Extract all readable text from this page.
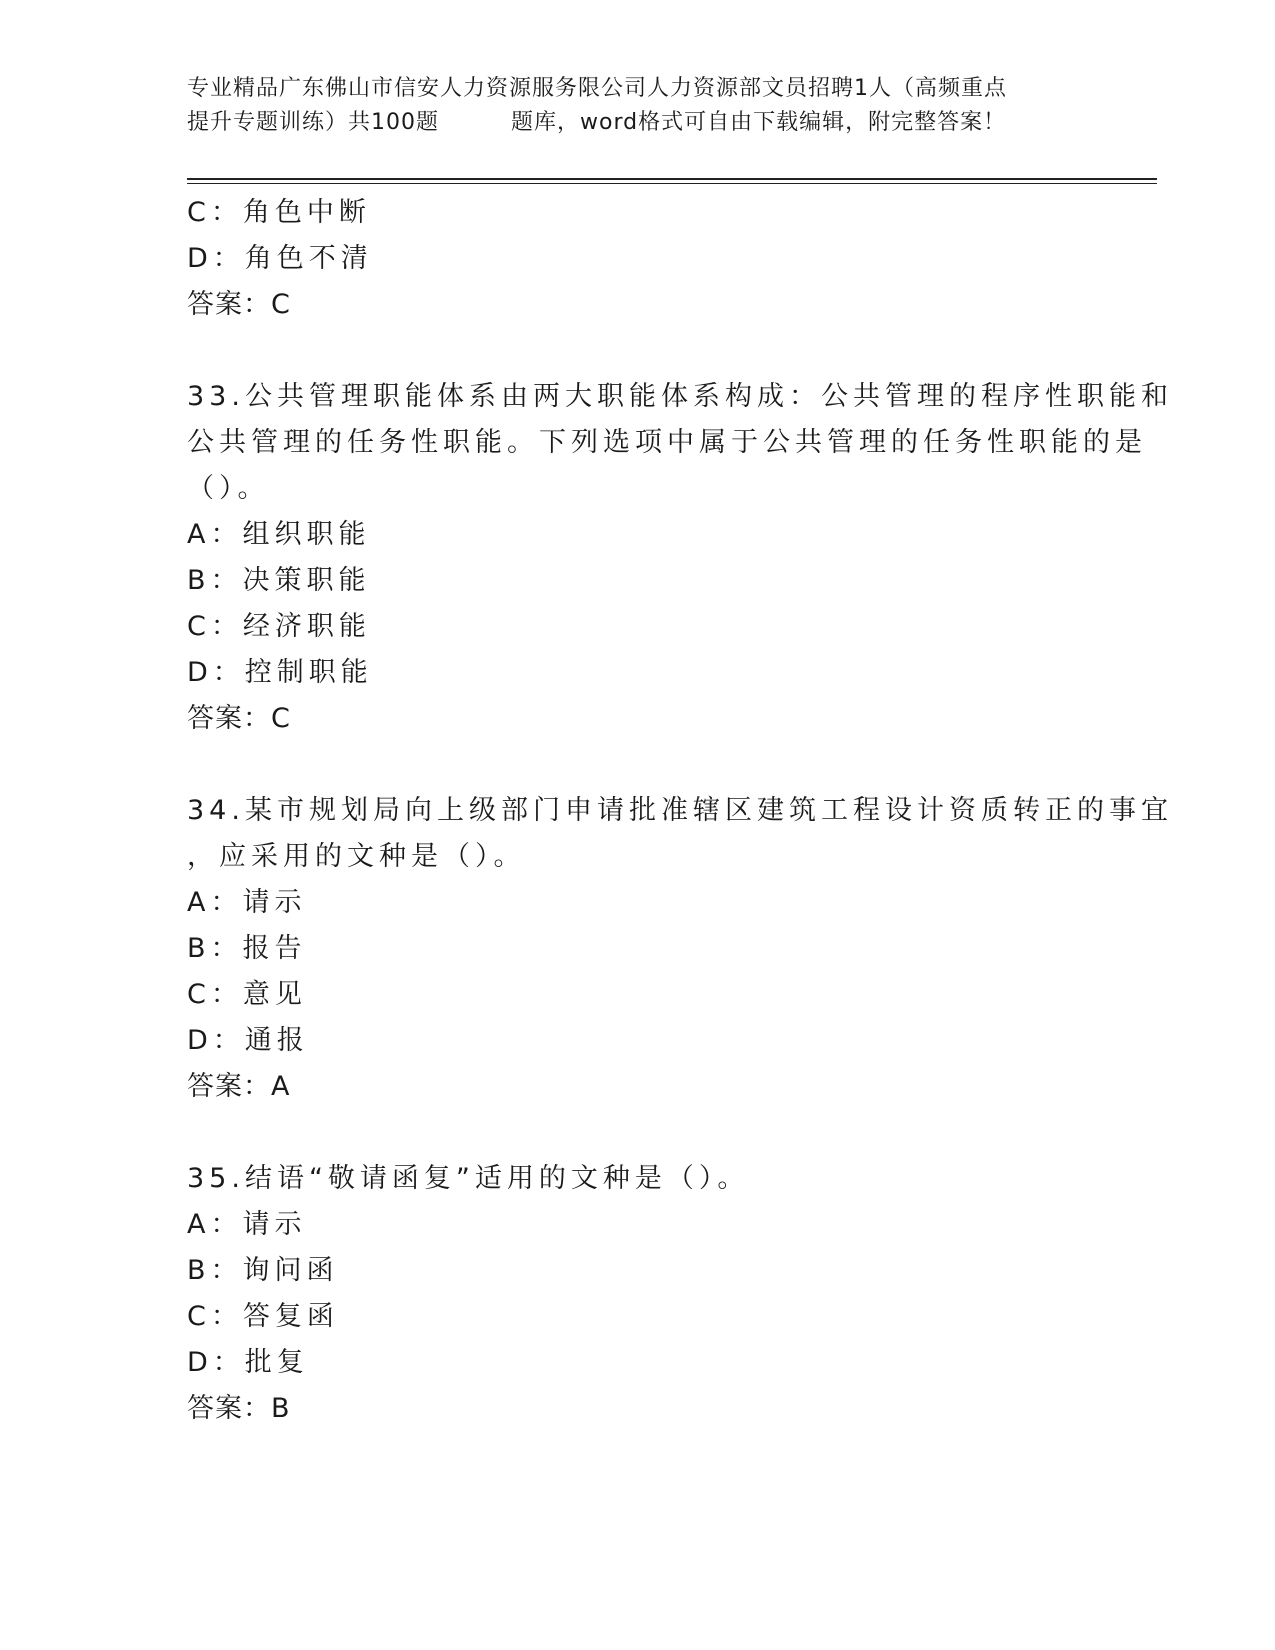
专业精品广东佛山市信安人力资源服务限公司人力资源部文员招聘1人（高频重点
提升专题训练）共100题	题库，word格式可自由下载编辑，附完整答案！

C：角色中断

D：角色不清

答案：C

33.公共管理职能体系由两大职能体系构成：公共管理的程序性职能和

公共管理的任务性职能。下列选项中属于公共管理的任务性职能的是

（）。

A：组织职能

B：决策职能

C：经济职能

D：控制职能

答案：C

34.某市规划局向上级部门申请批准辖区建筑工程设计资质转正的事宜

，应采用的文种是（）。

A：请示

B：报告

C：意见

D：通报

答案：A

35.结语“敬请函复”适用的文种是（）。

A：请示

B：询问函

C：答复函

D：批复

答案：B
